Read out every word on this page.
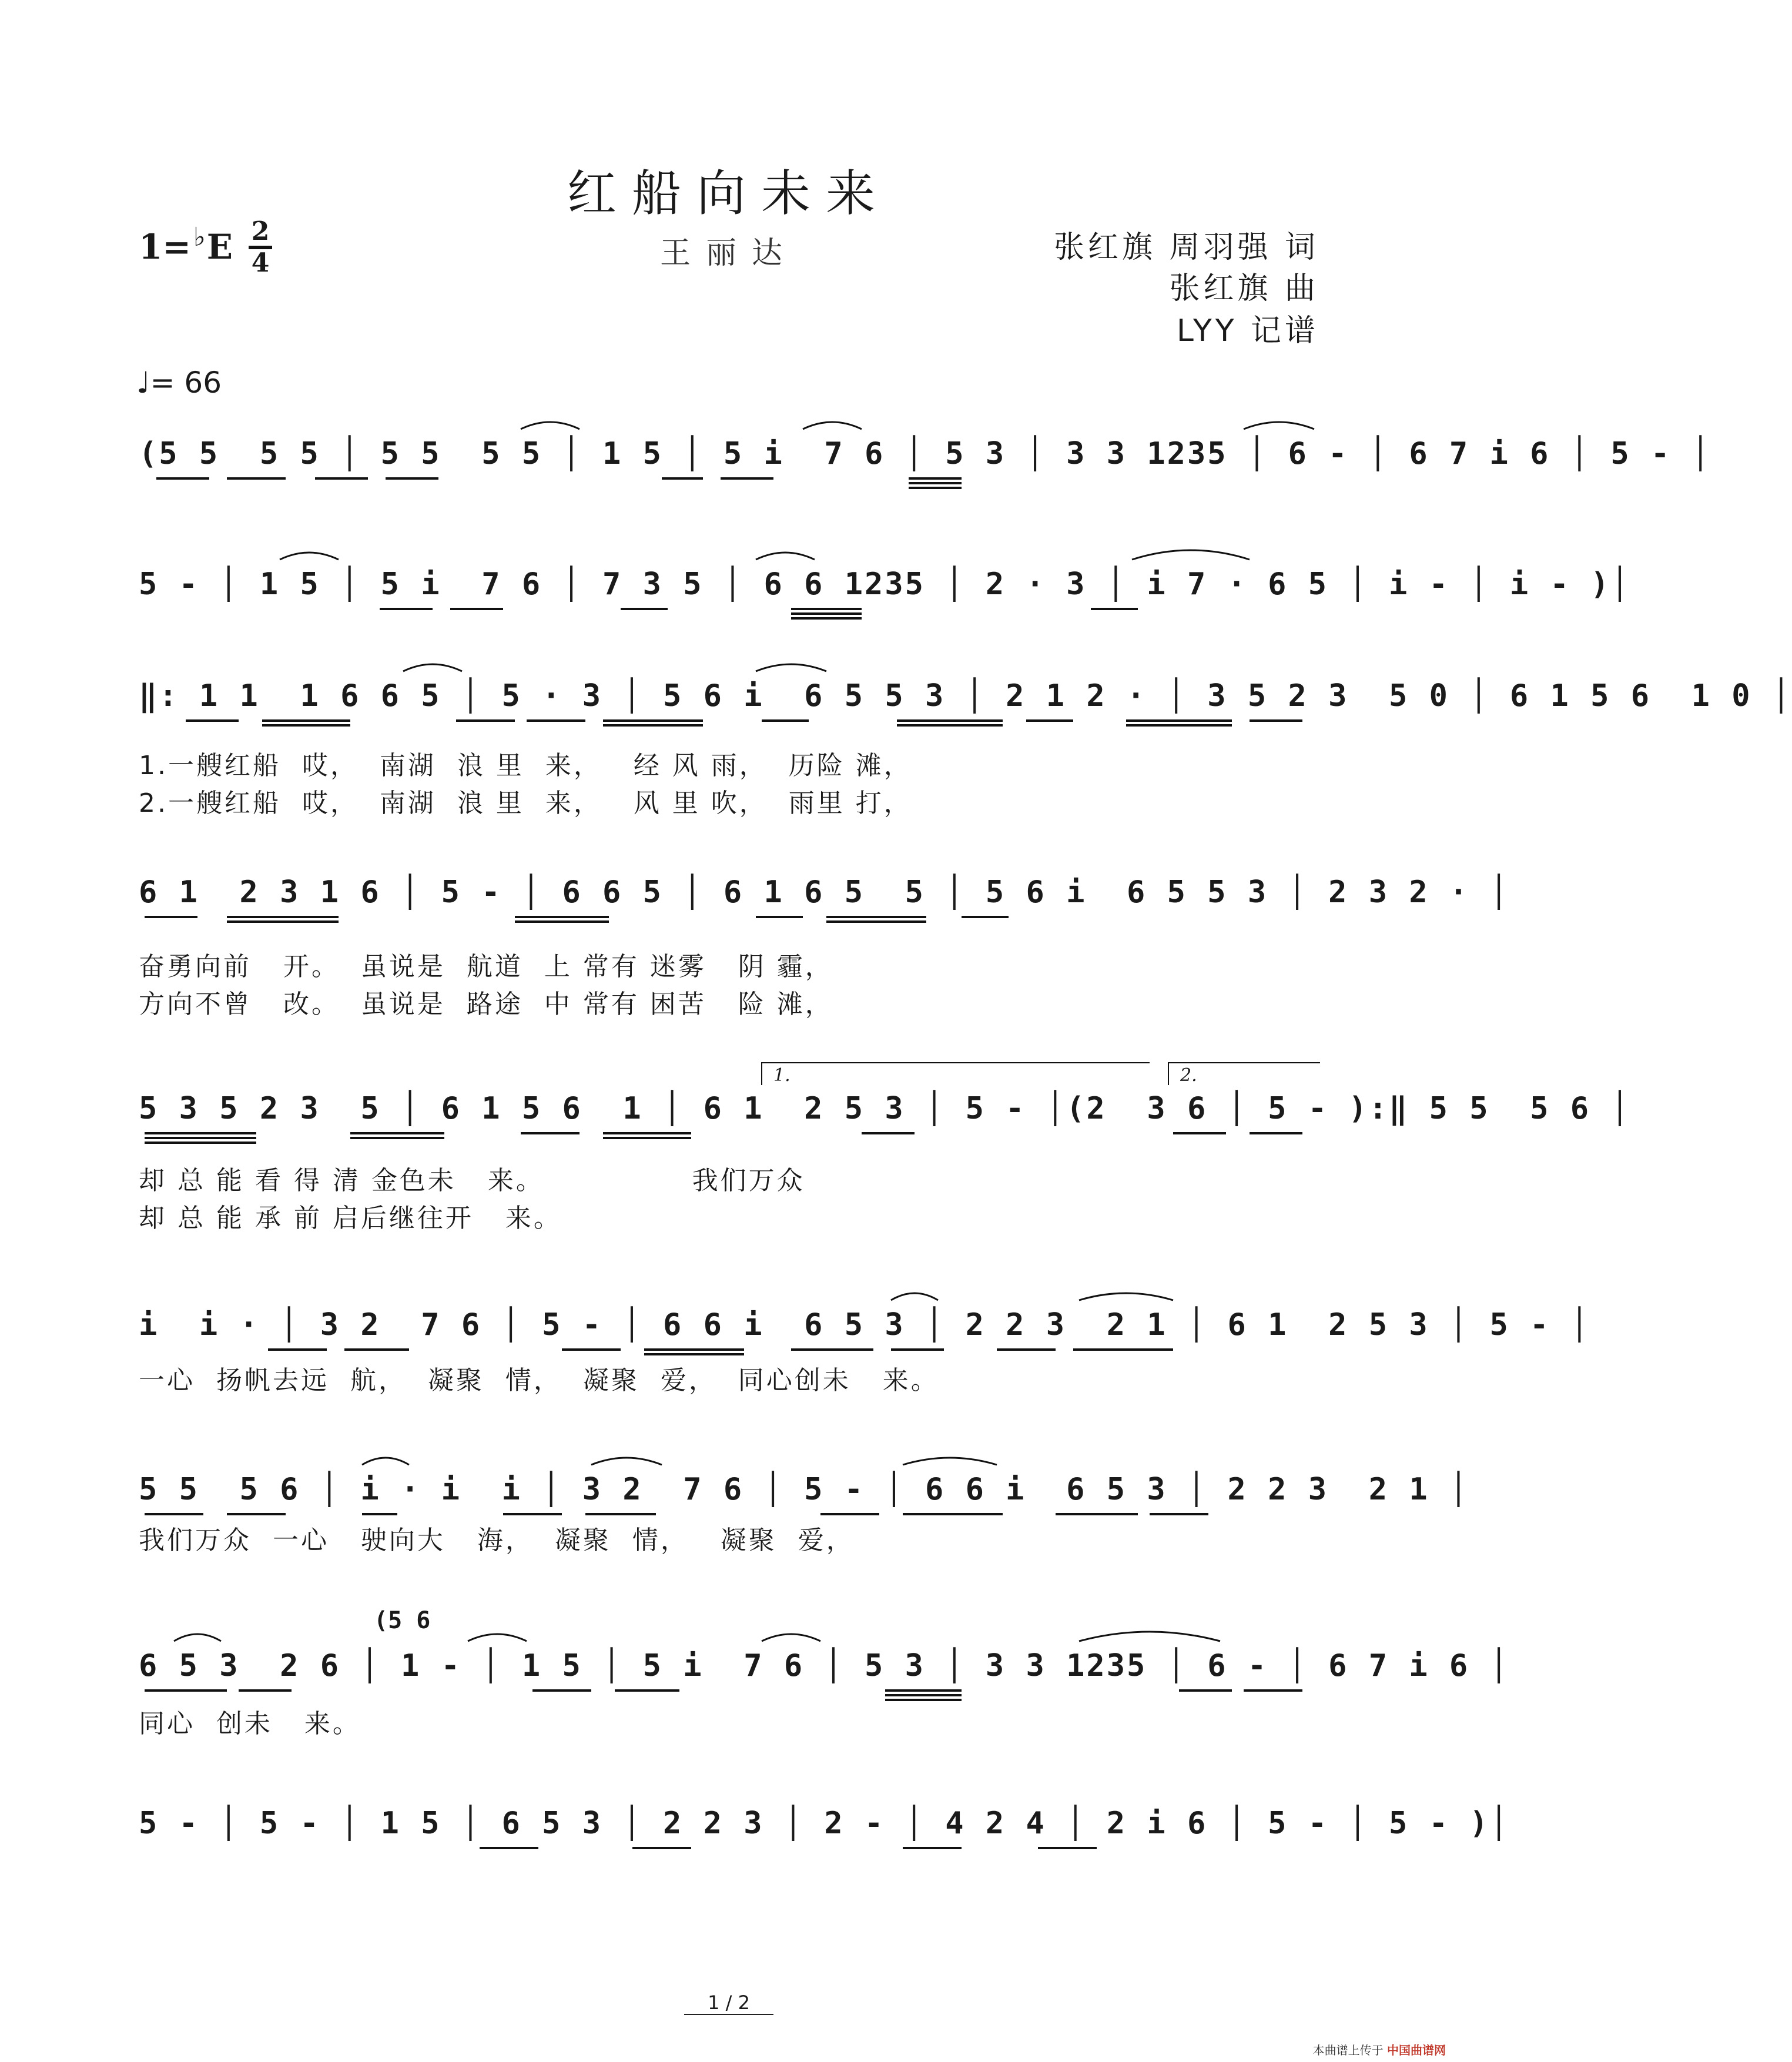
红船向未来
王丽达
1=♭E 2
4	张红旗 周羽强 词
张红旗 曲
LYY 记谱
♩= 66
(5 5  5 5 │ 5 5  5 5 │ 1 5 │ 5 i  7 6 │ 5 3 │ 3 3 1235 │ 6 - │ 6 7 i 6 │ 5 - │
5 - │ 1 5 │ 5 i  7 6 │ 7 3 5 │ 6 6 1235 │ 2 · 3 │ i 7 · 6 5 │ i - │ i - )│
‖: 1 1  1 6 6 5 │ 5 · 3 │ 5 6 i  6 5 5 3 │ 2 1 2 · │ 3 5 2 3  5 0 │ 6 1 5 6  1 0 │
1.一艘红船  哎，  南湖  浪 里  来，   经 风 雨，  历险 滩，
2.一艘红船  哎，  南湖  浪 里  来，   风 里 吹，  雨里 打，
6 1  2 3 1 6 │ 5 - │ 6 6 5 │ 6 1 6 5  5 │ 5 6 i  6 5 5 3 │ 2 3 2 · │
奋勇向前   开。  虽说是  航道  上 常有 迷雾   阴 霾，
方向不曾   改。  虽说是  路途  中 常有 困苦   险 滩，
5 3 5 2 3  5 │ 6 1 5 6  1 │ 6 1  2 5 3 │ 5 - │(2  3 6 │ 5 - ):‖ 5 5  5 6 │
1.	2.
却 总 能 看 得 清 金色未   来。              我们万众
却 总 能 承 前 启后继往开   来。
i  i · │ 3 2  7 6 │ 5 - │ 6 6 i  6 5 3 │ 2 2 3  2 1 │ 6 1  2 5 3 │ 5 - │
一心  扬帆去远  航，  凝聚  情，  凝聚  爱，  同心创未   来。
5 5  5 6 │ i · i  i │ 3 2  7 6 │ 5 - │ 6 6 i  6 5 3 │ 2 2 3  2 1 │
我们万众  一心   驶向大   海，  凝聚  情，   凝聚  爱，
(5 6
6 5 3  2 6 │ 1 - │ 1 5 │ 5 i  7 6 │ 5 3 │ 3 3 1235 │ 6 - │ 6 7 i 6 │
同心  创未   来。
5 - │ 5 - │ 1 5 │ 6 5 3 │ 2 2 3 │ 2 - │ 4 2 4 │ 2 i 6 │ 5 - │ 5 - )│
1 / 2
本曲谱上传于 中国曲谱网
